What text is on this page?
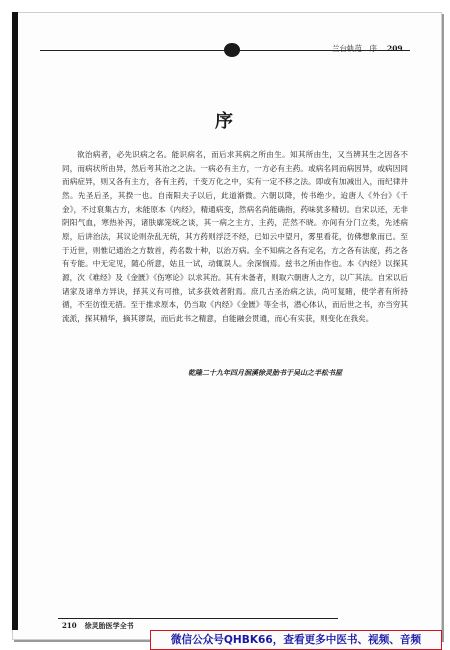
兰台轨范　序 209
序

欲治病者，必先识病之名。能识病名，而后求其病之所由生。知其所由生，又当辨其生之因各不同，而病状所由异，然后考其治之之法。一病必有主方，一方必有主药。或病名同而病因异，或病因同而病症异，则又各有主方，各有主药，千变万化之中，实有一定不移之法。即或有加减出入，而纪律井然。先圣后圣，其揆一也。自南阳夫子以后，此道渐微。六朝以降，传书绝少。迨唐人《外台》《千金》，不过裒集古方，未能原本《内经》，精通病变，然病名尚能确指，药味犹多精切。自宋以还，无非阴阳气血，寒热补泻，诸肤廓笼统之谈，其一病之主方、主药，茫然不晓。亦间有分门立类，先述病原，后讲治法，其议论则杂乱无统，其方药则浮泛不经，已如云中望月，雾里看花，仿佛想象而已。至于近世，则惟记通治之方数首，药名数十种，以治万病。全不知病之各有定名，方之各有法度，药之各有专能。中无定见，随心所意，姑且一试，动辄误人。余深悯焉。兹书之所由作也。本《内经》以探其源，次《难经》及《金匮》《伤寒论》以求其治。其有未备者，则取六朝唐人之方，以广其法。自宋以后诸家及诸单方异诀，择其义有可推，试多获效者附焉。庶几古圣治病之法，尚可复睹，使学者有所持循，不至彷徨无措。至于推求原本，仍当取《内经》《金匮》等全书，潜心体认，而后世之书，亦当穷其流派，探其精华，摘其谬误，而后此书之精意，自能融会贯通，而心有实获，则变化在我矣。

乾隆二十九年四月洄溪徐灵胎书于吴山之半松书屋
210 徐灵胎医学全书
微信公众号QHBK66，查看更多中医书、视频、音频
